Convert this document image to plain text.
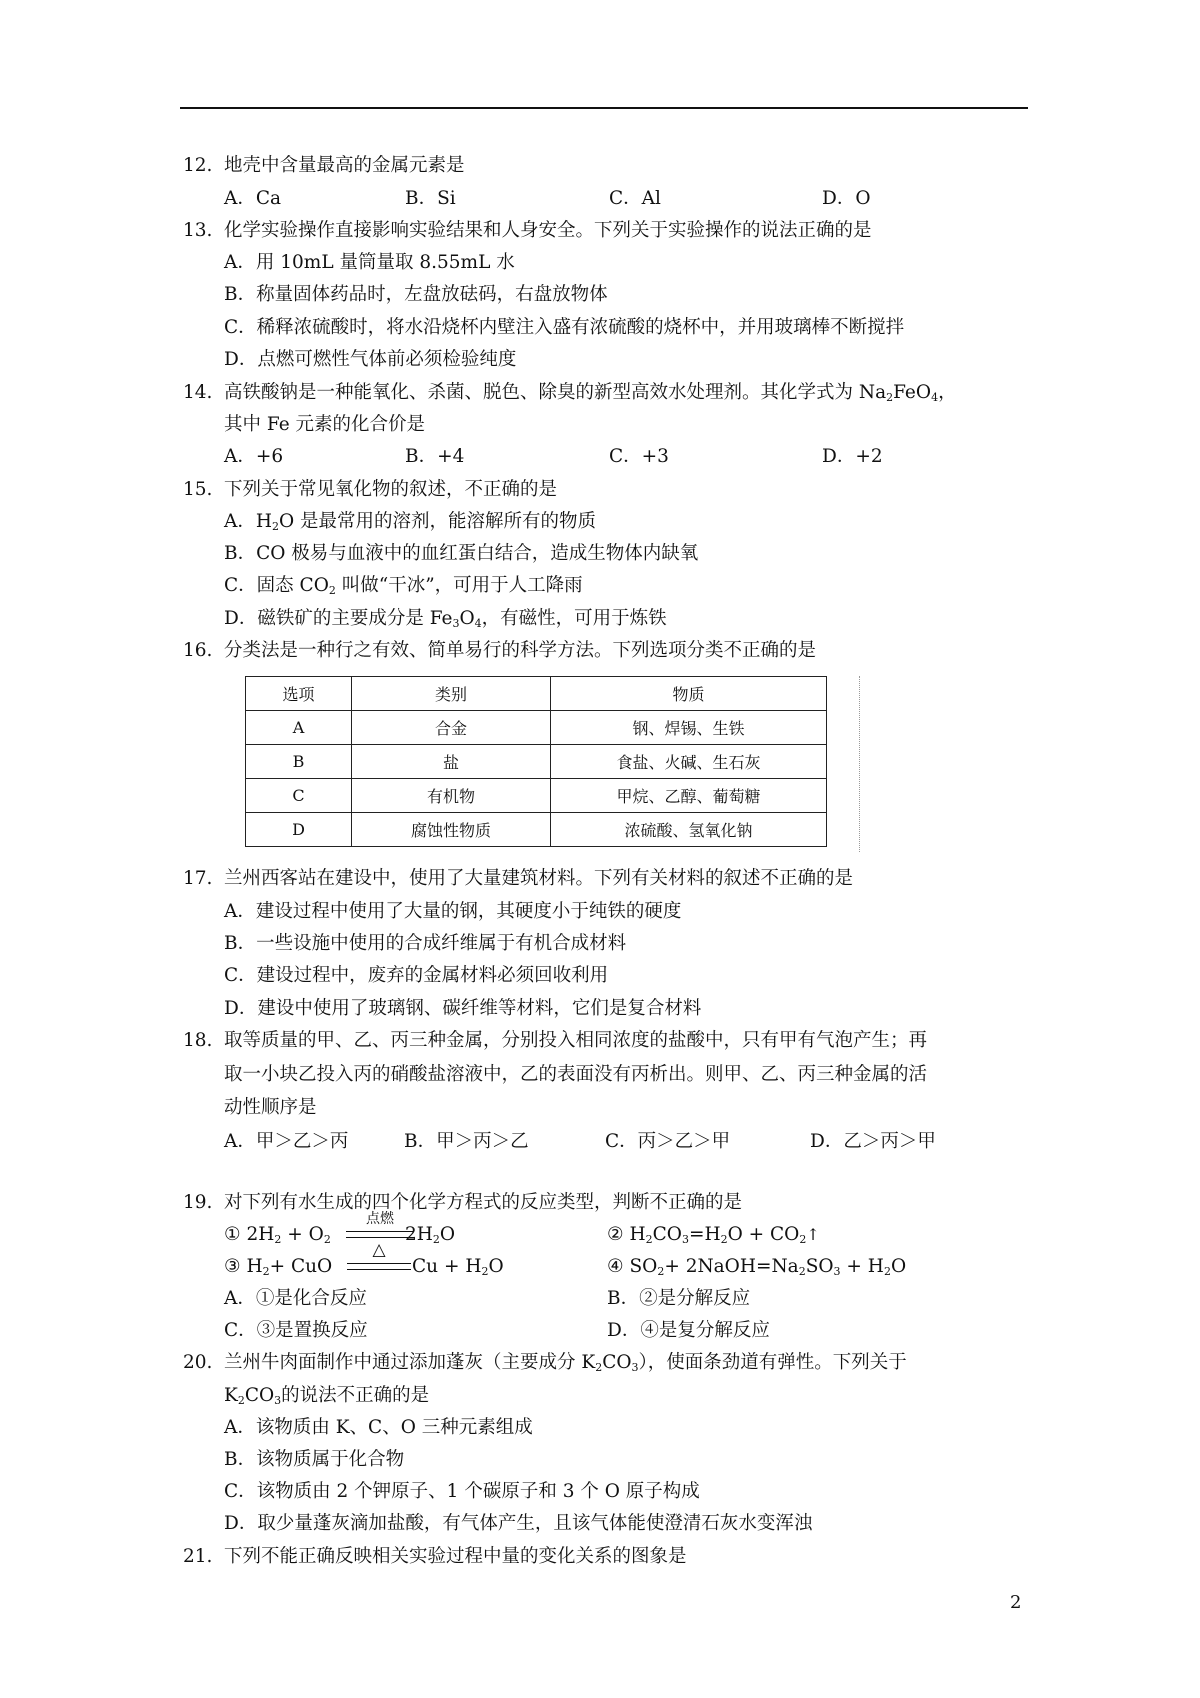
12. 地壳中含量最高的金属元素是
A．Ca	B．Si	C．Al	D．O
13. 化学实验操作直接影响实验结果和人身安全。下列关于实验操作的说法正确的是
A．用 10mL 量筒量取 8.55mL 水
B．称量固体药品时，左盘放砝码，右盘放物体
C．稀释浓硫酸时，将水沿烧杯内壁注入盛有浓硫酸的烧杯中，并用玻璃棒不断搅拌
D．点燃可燃性气体前必须检验纯度
14. 高铁酸钠是一种能氧化、杀菌、脱色、除臭的新型高效水处理剂。其化学式为 $Na_2FeO_4$，
其中 Fe 元素的化合价是
A．+6	B．+4	C．+3	D．+2
15. 下列关于常见氧化物的叙述，不正确的是
A．$H_2O$ 是最常用的溶剂，能溶解所有的物质
B．CO 极易与血液中的血红蛋白结合，造成生物体内缺氧
C．固态 $CO_2$ 叫做“干冰”，可用于人工降雨
D．磁铁矿的主要成分是 $Fe_3O_4$，有磁性，可用于炼铁
16. 分类法是一种行之有效、简单易行的科学方法。下列选项分类不正确的是
选项	类别	物质
A	合金	钢、焊锡、生铁
B	盐	食盐、火碱、生石灰
C	有机物	甲烷、乙醇、葡萄糖
D	腐蚀性物质	浓硫酸、氢氧化钠
17. 兰州西客站在建设中，使用了大量建筑材料。下列有关材料的叙述不正确的是
A．建设过程中使用了大量的钢，其硬度小于纯铁的硬度
B．一些设施中使用的合成纤维属于有机合成材料
C．建设过程中，废弃的金属材料必须回收利用
D．建设中使用了玻璃钢、碳纤维等材料，它们是复合材料
18. 取等质量的甲、乙、丙三种金属，分别投入相同浓度的盐酸中，只有甲有气泡产生；再
取一小块乙投入丙的硝酸盐溶液中，乙的表面没有丙析出。则甲、乙、丙三种金属的活
动性顺序是
A．甲＞乙＞丙	B．甲＞丙＞乙	C．丙＞乙＞甲	D．乙＞丙＞甲
19. 对下列有水生成的四个化学方程式的反应类型，判断不正确的是
① $2H_2 + O_2$
点燃
$2H_2O$	② $H_2CO_3=H_2O$ + $CO_2↑$
③ $H_2+$ CuO
△
$Cu + H_2O$	④ $SO_2+$ $2NaOH=Na_2SO_3 + H_2O$
A．①是化合反应	B．②是分解反应
C．③是置换反应	D．④是复分解反应
20. 兰州牛肉面制作中通过添加蓬灰（主要成分 $K_2CO_3$），使面条劲道有弹性。下列关于
$K_2CO_3$的说法不正确的是
A．该物质由 K、C、O 三种元素组成
B．该物质属于化合物
C．该物质由 2 个钾原子、1 个碳原子和 3 个 O 原子构成
D．取少量蓬灰滴加盐酸，有气体产生，且该气体能使澄清石灰水变浑浊
21. 下列不能正确反映相关实验过程中量的变化关系的图象是
2
